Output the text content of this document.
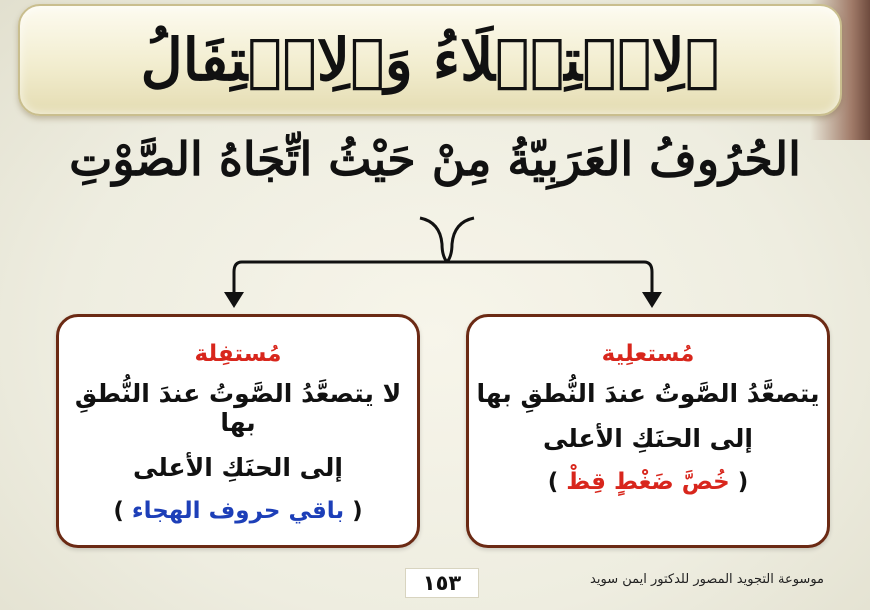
ٱلِاسۡتِعۡلَاءُ وَٱلِاسۡتِفَالُ
الحُرُوفُ العَرَبِيّةُ مِنْ حَيْثُ اتِّجَاهُ الصَّوْتِ
مُستعلِية
يتصعَّدُ الصَّوتُ عندَ النُّطقِ بها
إلى الحنَكِ الأعلى
( خُصَّ ضَغْطٍ قِظْ )
مُستفِلة
لا يتصعَّدُ الصَّوتُ عندَ النُّطقِ بها
إلى الحنَكِ الأعلى
( باقي حروف الهجاء )
١٥٣	موسوعة التجويد المصور للدكتور ايمن سويد
